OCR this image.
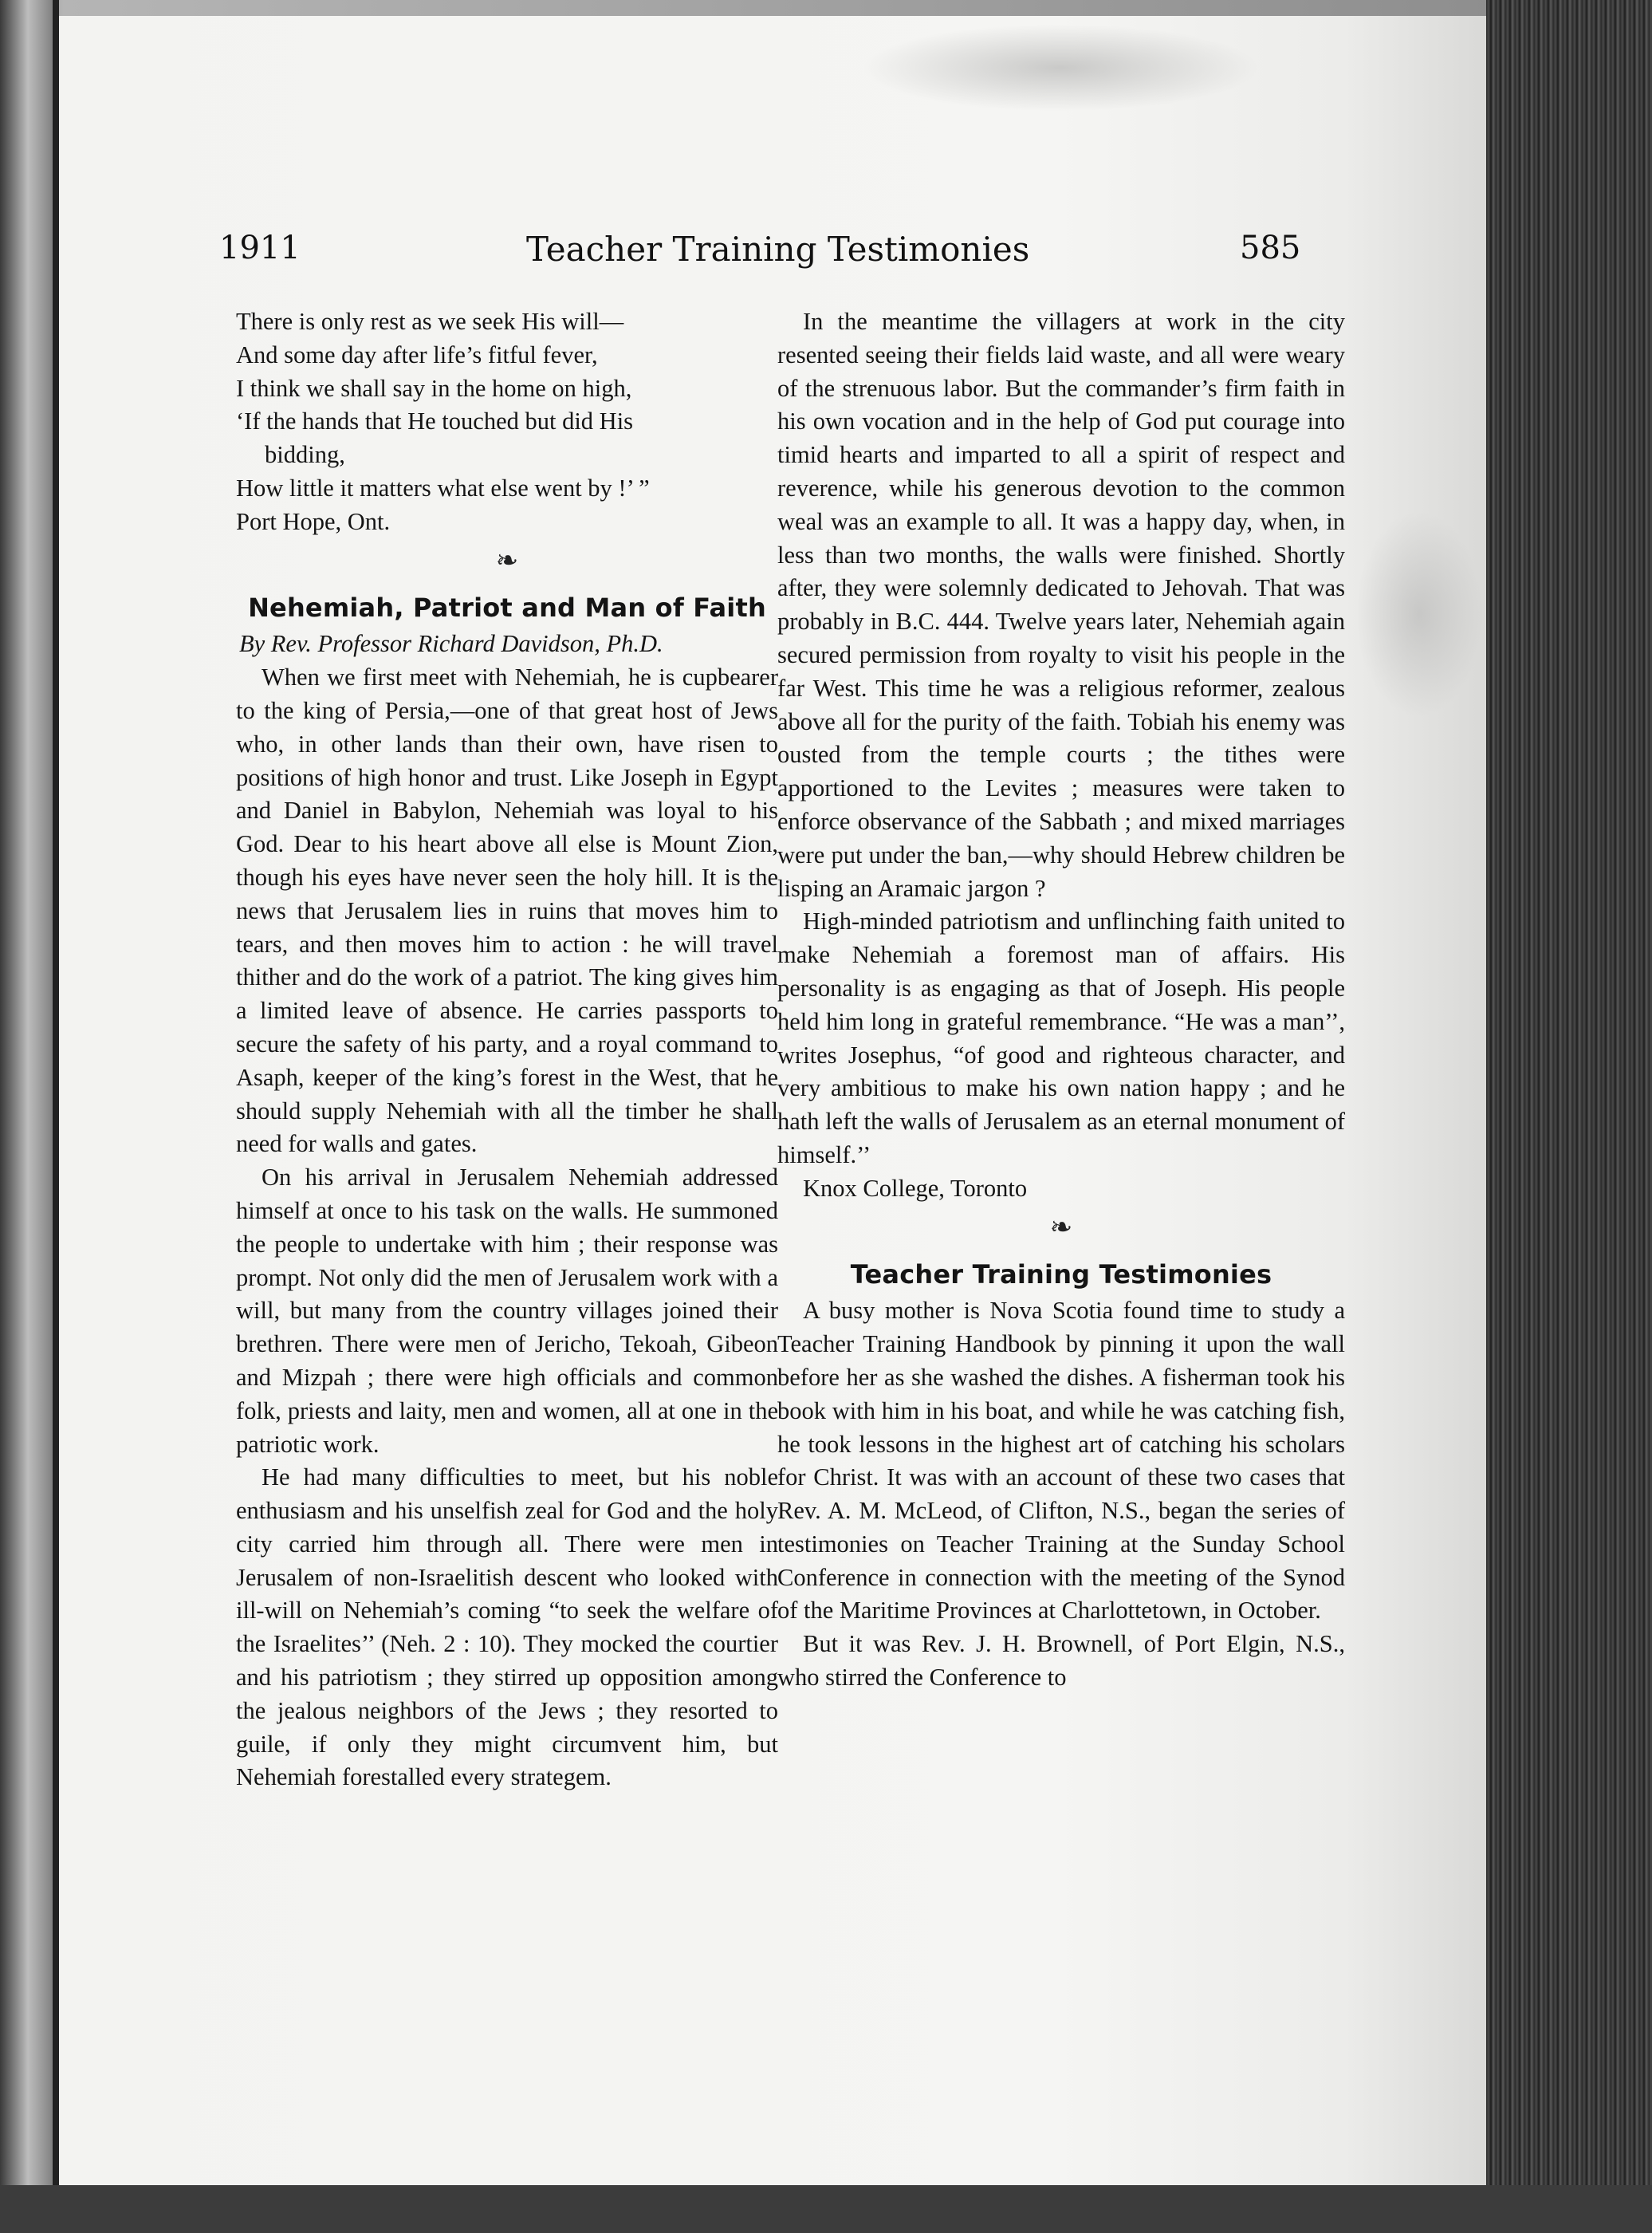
1911	Teacher Training Testimonies	585
There is only rest as we seek His will—
And some day after life’s fitful fever,
I think we shall say in the home on high,
‘If the hands that He touched but did His
bidding,
How little it matters what else went by !’ ”
Port Hope, Ont.
❧
Nehemiah, Patriot and Man of Faith
By Rev. Professor Richard Davidson, Ph.D.

When we first meet with Nehemiah, he is cupbearer to the king of Persia,—one of that great host of Jews who, in other lands than their own, have risen to positions of high honor and trust. Like Joseph in Egypt and Daniel in Babylon, Nehemiah was loyal to his God. Dear to his heart above all else is Mount Zion, though his eyes have never seen the holy hill. It is the news that Jerusalem lies in ruins that moves him to tears, and then moves him to action : he will travel thither and do the work of a patriot. The king gives him a limited leave of absence. He carries passports to secure the safety of his party, and a royal command to Asaph, keeper of the king’s forest in the West, that he should supply Nehemiah with all the timber he shall need for walls and gates.

On his arrival in Jerusalem Nehemiah addressed himself at once to his task on the walls. He summoned the people to undertake with him ; their response was prompt. Not only did the men of Jerusalem work with a will, but many from the country villages joined their brethren. There were men of Jericho, Tekoah, Gibeon and Mizpah ; there were high officials and common folk, priests and laity, men and women, all at one in the patriotic work.

He had many difficulties to meet, but his noble enthusiasm and his unselfish zeal for God and the holy city carried him through all. There were men in Jerusalem of non-Israelitish descent who looked with ill-will on Nehemiah’s coming “to seek the welfare of the Israelites’’ (Neh. 2 : 10). They mocked the courtier and his patriotism ; they stirred up opposition among the jealous neighbors of the Jews ; they resorted to guile, if only they might circumvent him, but Nehemiah forestalled every strategem.

In the meantime the villagers at work in the city resented seeing their fields laid waste, and all were weary of the strenuous labor. But the commander’s firm faith in his own vocation and in the help of God put courage into timid hearts and imparted to all a spirit of respect and reverence, while his generous devotion to the common weal was an example to all. It was a happy day, when, in less than two months, the walls were finished. Shortly after, they were solemnly dedicated to Jehovah. That was probably in B.C. 444. Twelve years later, Nehemiah again secured permission from royalty to visit his people in the far West. This time he was a religious reformer, zealous above all for the purity of the faith. Tobiah his enemy was ousted from the temple courts ; the tithes were apportioned to the Levites ; measures were taken to enforce observance of the Sabbath ; and mixed marriages were put under the ban,—why should Hebrew children be lisping an Aramaic jargon ?

High-minded patriotism and unflinching faith united to make Nehemiah a foremost man of affairs. His personality is as engaging as that of Joseph. His people held him long in grateful remembrance. “He was a man’’, writes Josephus, “of good and righteous character, and very ambitious to make his own nation happy ; and he hath left the walls of Jerusalem as an eternal monument of himself.’’

Knox College, Toronto

❧
Teacher Training Testimonies

A busy mother is Nova Scotia found time to study a Teacher Training Handbook by pinning it upon the wall before her as she washed the dishes. A fisherman took his book with him in his boat, and while he was catching fish, he took lessons in the highest art of catching his scholars for Christ. It was with an account of these two cases that Rev. A. M. McLeod, of Clifton, N.S., began the series of testimonies on Teacher Training at the Sunday School Conference in connection with the meeting of the Synod of the Maritime Provinces at Charlottetown, in October.

But it was Rev. J. H. Brownell, of Port Elgin, N.S., who stirred the Conference to
